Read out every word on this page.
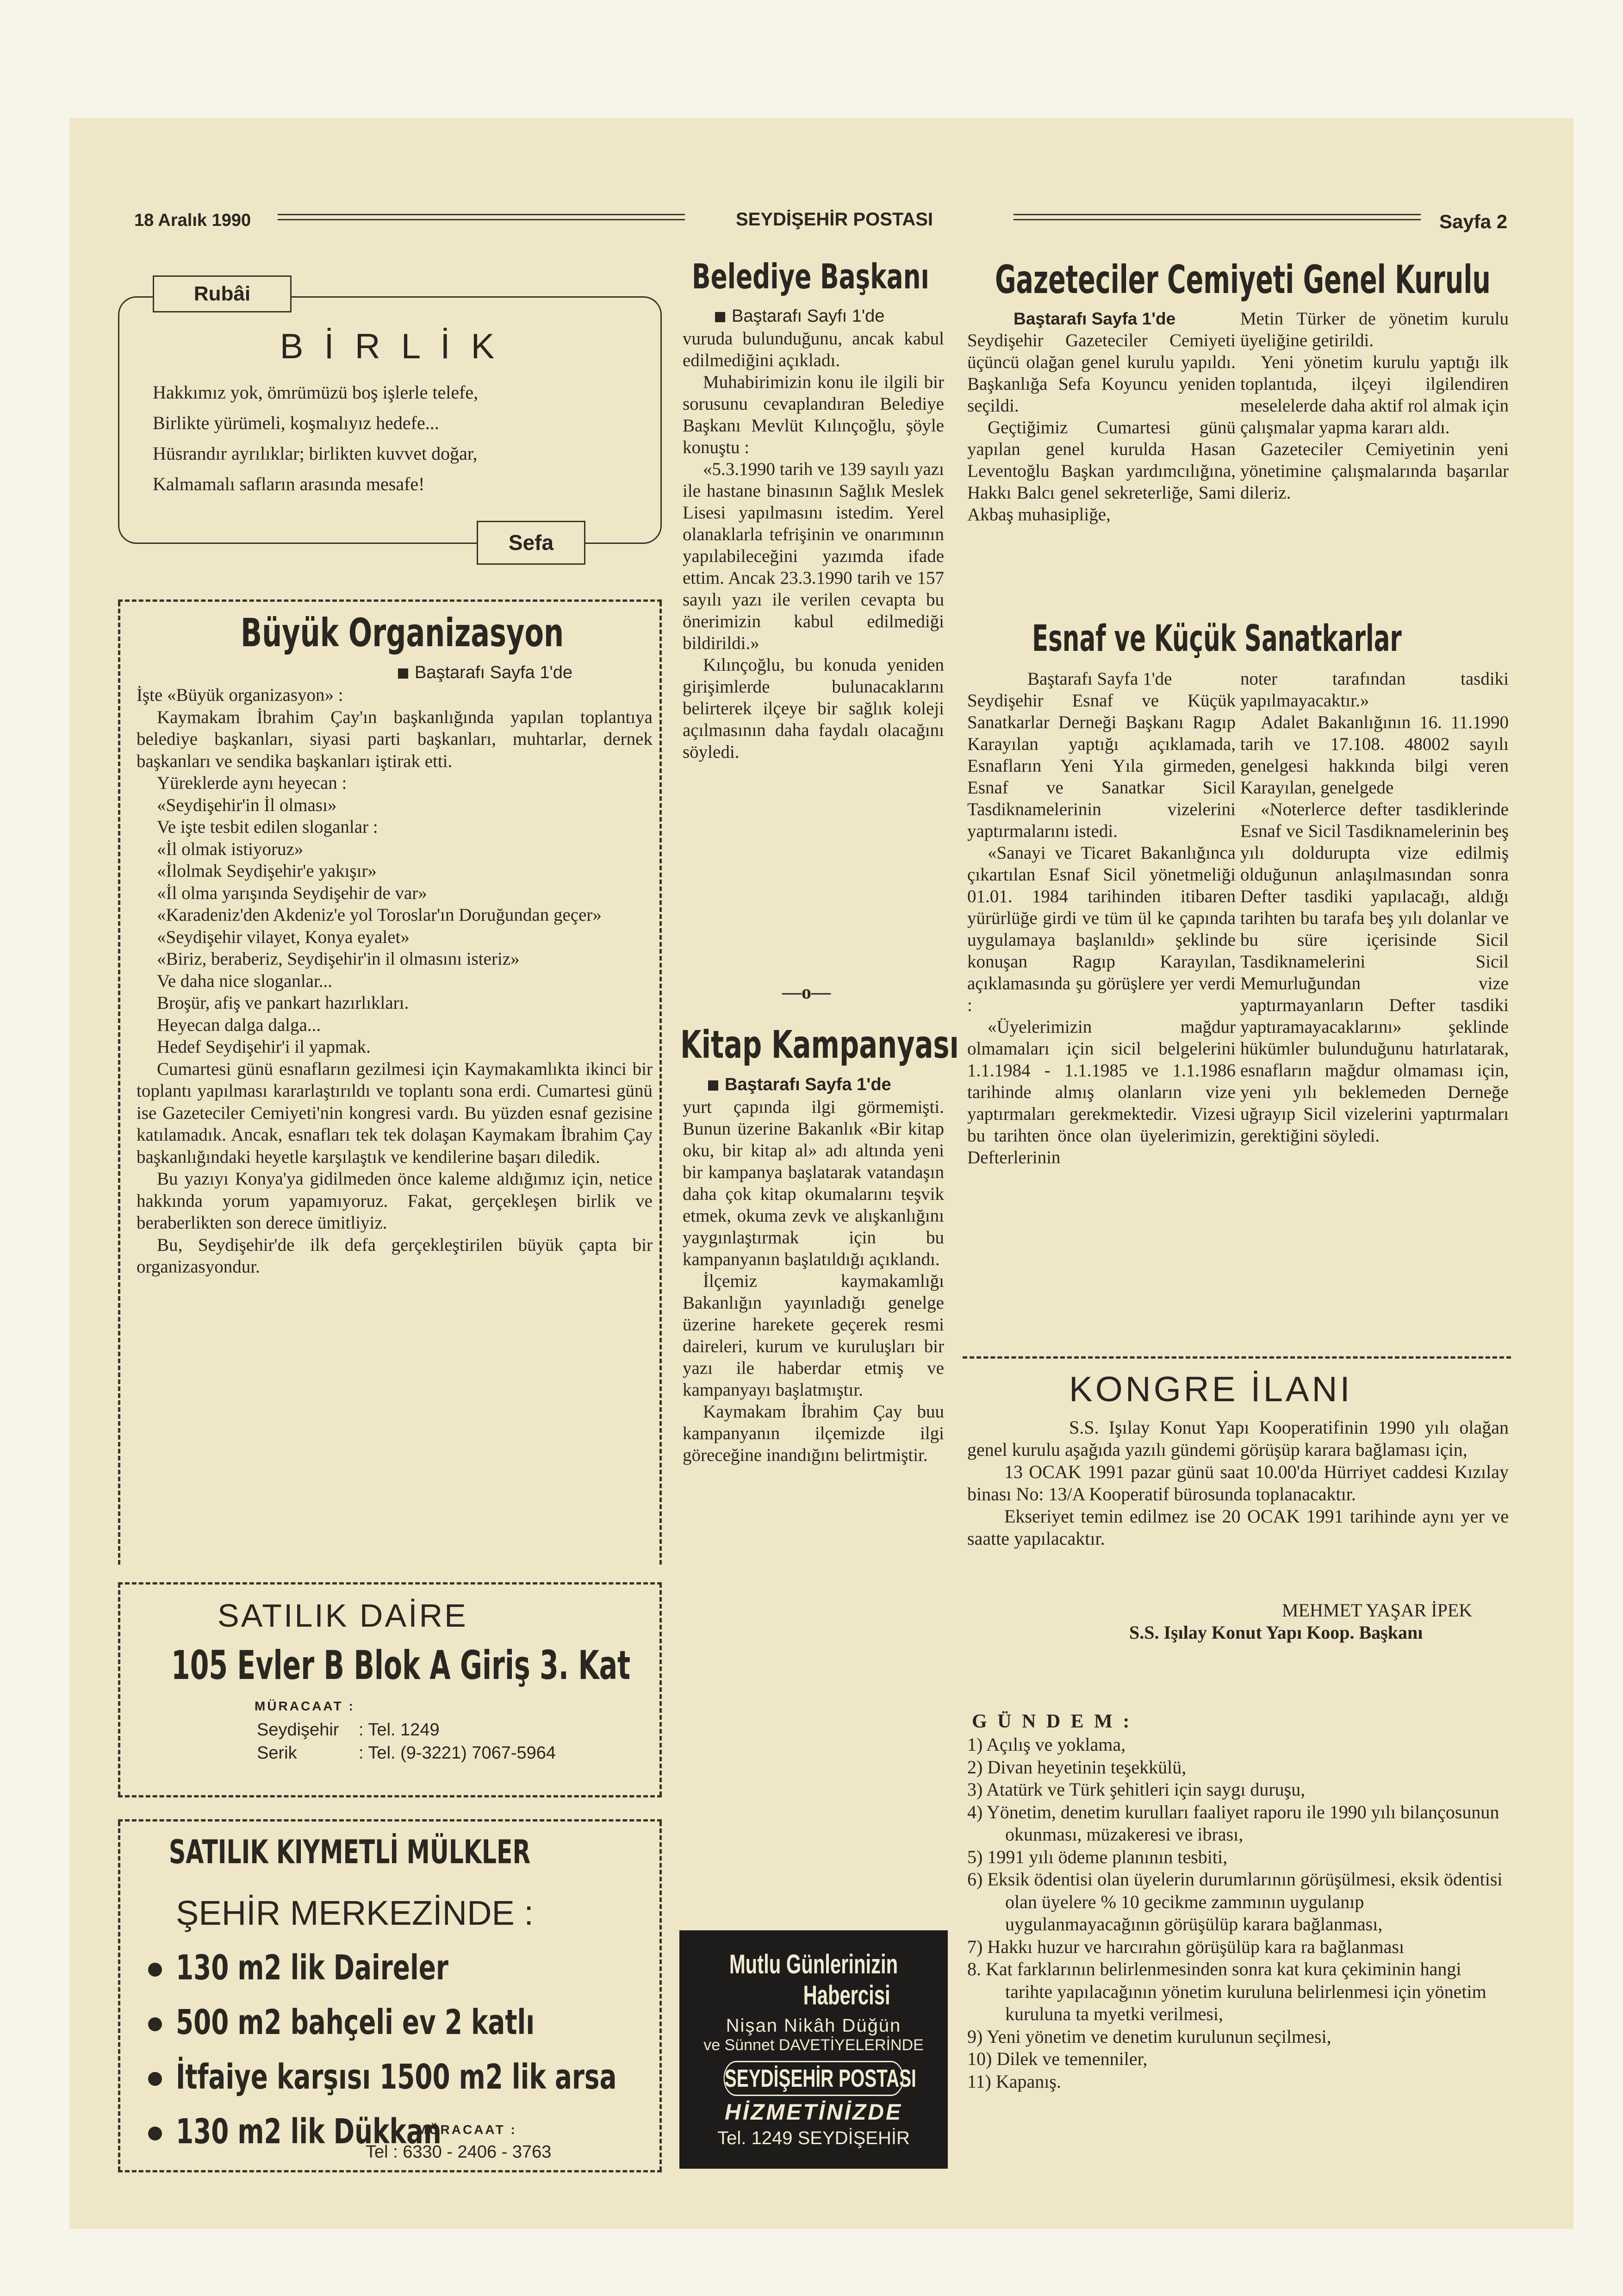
18 Aralık 1990	SEYDİŞEHİR POSTASI	Sayfa 2
Rubâi
B İ R L İ K
Hakkımız yok, ömrümüzü boş işlerle telefe,
Birlikte yürümeli, koşmalıyız hedefe...
Hüsrandır ayrılıklar; birlikten kuvvet doğar,
Kalmamalı safların arasında mesafe!
Sefa
Büyük Organizasyon
Baştarafı Sayfa 1'de

İşte «Büyük organizasyon» :

Kaymakam İbrahim Çay'ın başkanlığında yapılan toplantıya belediye başkanları, siyasi parti başkanları, muhtarlar, dernek başkanları ve sendika başkanları iştirak etti.

Yüreklerde aynı heyecan :

«Seydişehir'in İl olması»

Ve işte tesbit edilen sloganlar :

«İl olmak istiyoruz»

«İlolmak Seydişehir'e yakışır»

«İl olma yarışında Seydişehir de var»

«Karadeniz'den Akdeniz'e yol Toroslar'ın Doruğundan geçer»

«Seydişehir vilayet, Konya eyalet»

«Biriz, beraberiz, Seydişehir'in il olmasını isteriz»

Ve daha nice sloganlar...

Broşür, afiş ve pankart hazırlıkları.

Heyecan dalga dalga...

Hedef Seydişehir'i il yapmak.

Cumartesi günü esnafların gezilmesi için Kaymakamlıkta ikinci bir toplantı yapılması kararlaştırıldı ve toplantı sona erdi. Cumartesi günü ise Gazeteciler Cemiyeti'nin kongresi vardı. Bu yüzden esnaf gezisine katılamadık. Ancak, esnafları tek tek dolaşan Kaymakam İbrahim Çay başkanlığındaki heyetle karşılaştık ve kendilerine başarı diledik.

Bu yazıyı Konya'ya gidilmeden önce kaleme aldığımız için, netice hakkında yorum yapamıyoruz. Fakat, gerçekleşen birlik ve beraberlikten son derece ümitliyiz.

Bu, Seydişehir'de ilk defa gerçekleştirilen büyük çapta bir organizasyondur.

SATILIK DAİRE
105 Evler B Blok A Giriş 3. Kat
MÜRACAAT :
Seydişehir : Tel. 1249
Serik	: Tel. (9-3221) 7067-5964
SATILIK KIYMETLİ MÜLKLER
ŞEHİR MERKEZİNDE :
130 m2 lik Daireler
500 m2 bahçeli ev 2 katlı
İtfaiye karşısı 1500 m2 lik arsa
130 m2 lik Dükkan
MÜRACAAT :
Tel : 6330 - 2406 - 3763
Belediye Başkanı
Baştarafı Sayfı 1'de

vuruda bulunduğunu, ancak kabul edilmediğini açıkladı.

Muhabirimizin konu ile ilgili bir sorusunu cevaplandıran Belediye Başkanı Mevlüt Kılınçoğlu, şöyle konuştu :

«5.3.1990 tarih ve 139 sayılı yazı ile hastane binasının Sağlık Meslek Lisesi yapılmasını istedim. Yerel olanaklarla tefrişinin ve onarımının yapılabileceğini yazımda ifade ettim. Ancak 23.3.1990 tarih ve 157 sayılı yazı ile verilen cevapta bu önerimizin kabul edilmediği bildirildi.»

Kılınçoğlu, bu konuda yeniden girişimlerde bulunacaklarını belirterek ilçeye bir sağlık koleji açılmasının daha faydalı olacağını söyledi.

—o—
Kitap Kampanyası
Baştarafı Sayfa 1'de

yurt çapında ilgi görmemişti. Bunun üzerine Bakanlık «Bir kitap oku, bir kitap al» adı altında yeni bir kampanya başlatarak vatandaşın daha çok kitap okumalarını teşvik etmek, okuma zevk ve alışkanlığını yaygınlaştırmak için bu kampanyanın başlatıldığı açıklandı.

İlçemiz kaymakamlığı Bakanlığın yayınladığı genelge üzerine harekete geçerek resmi daireleri, kurum ve kuruluşları bir yazı ile haberdar etmiş ve kampanyayı başlatmıştır.

Kaymakam İbrahim Çay buu kampanyanın ilçemizde ilgi göreceğine inandığını belirtmiştir.

Mutlu Günlerinizin
Habercisi
Nişan Nikâh Düğün
ve Sünnet DAVETİYELERİNDE
SEYDİŞEHİR POSTASI
HİZMETİNİZDE
Tel. 1249 SEYDİŞEHİR
Gazeteciler Cemiyeti Genel Kurulu

Baştarafı Sayfa 1'de

Seydişehir Gazeteciler Cemiyeti üçüncü olağan genel kurulu yapıldı. Başkanlığa Sefa Koyuncu yeniden seçildi.

Geçtiğimiz Cumartesi günü yapılan genel kurulda Hasan Leventoğlu Başkan yardımcılığına, Hakkı Balcı genel sekreterliğe, Sami Akbaş muhasipliğe,

Metin Türker de yönetim kurulu üyeliğine getirildi.

Yeni yönetim kurulu yaptığı ilk toplantıda, ilçeyi ilgilendiren meselelerde daha aktif rol almak için çalışmalar yapma kararı aldı.

Gazeteciler Cemiyetinin yeni yönetimine çalışmalarında başarılar dileriz.

Esnaf ve Küçük Sanatkarlar

Baştarafı Sayfa 1'de

Seydişehir Esnaf ve Küçük Sanatkarlar Derneği Başkanı Ragıp Karayılan yaptığı açıklamada, Esnafların Yeni Yıla girmeden, Esnaf ve Sanatkar Sicil Tasdiknamelerinin vizelerini yaptırmalarını istedi.

«Sanayi ve Ticaret Bakanlığınca çıkartılan Esnaf Sicil yönetmeliği 01.01. 1984 tarihinden itibaren yürürlüğe girdi ve tüm ül ke çapında uygulamaya başlanıldı» şeklinde konuşan Ragıp Karayılan, açıklamasında şu görüşlere yer verdi :

«Üyelerimizin mağdur olmamaları için sicil belgelerini 1.1.1984 - 1.1.1985 ve 1.1.1986 tarihinde almış olanların vize yaptırmaları gerekmektedir. Vizesi bu tarihten önce olan üyelerimizin, Defterlerinin

noter tarafından tasdiki yapılmayacaktır.»

Adalet Bakanlığının 16. 11.1990 tarih ve 17.108. 48002 sayılı genelgesi hakkında bilgi veren Karayılan, genelgede

«Noterlerce defter tasdiklerinde Esnaf ve Sicil Tasdiknamelerinin beş yılı doldurupta vize edilmiş olduğunun anlaşılmasından sonra Defter tasdiki yapılacağı, aldığı tarihten bu tarafa beş yılı dolanlar ve bu süre içerisinde Sicil Tasdiknamelerini Sicil Memurluğundan vize yaptırmayanların Defter tasdiki yaptıramayacaklarını» şeklinde hükümler bulunduğunu hatırlatarak, esnafların mağdur olmaması için, yeni yılı beklemeden Derneğe uğrayıp Sicil vizelerini yaptırmaları gerektiğini söyledi.

KONGRE İLANI

S.S. Işılay Konut Yapı Kooperatifinin 1990 yılı olağan genel kurulu aşağıda yazılı gündemi görüşüp karara bağlaması için,

13 OCAK 1991 pazar günü saat 10.00'da Hürriyet caddesi Kızılay binası No: 13/A Kooperatif bürosunda toplanacaktır.

Ekseriyet temin edilmez ise 20 OCAK 1991 tarihinde aynı yer ve saatte yapılacaktır.

MEHMET YAŞAR İPEK
S.S. Işılay Konut Yapı Koop. Başkanı
G Ü N D E M :
1) Açılış ve yoklama,
2) Divan heyetinin teşekkülü,
3) Atatürk ve Türk şehitleri için saygı duruşu,
4) Yönetim, denetim kurulları faaliyet raporu ile 1990 yılı bilançosunun okunması, müzakeresi ve ibrası,
5) 1991 yılı ödeme planının tesbiti,
6) Eksik ödentisi olan üyelerin durumlarının görüşülmesi, eksik ödentisi olan üyelere % 10 gecikme zammının uygulanıp uygulanmayacağının görüşülüp karara bağlanması,
7) Hakkı huzur ve harcırahın görüşülüp kara ra bağlanması
8. Kat farklarının belirlenmesinden sonra kat kura çekiminin hangi tarihte yapılacağının yönetim kuruluna belirlenmesi için yönetim kuruluna ta myetki verilmesi,
9) Yeni yönetim ve denetim kurulunun seçilmesi,
10) Dilek ve temenniler,
11) Kapanış.
